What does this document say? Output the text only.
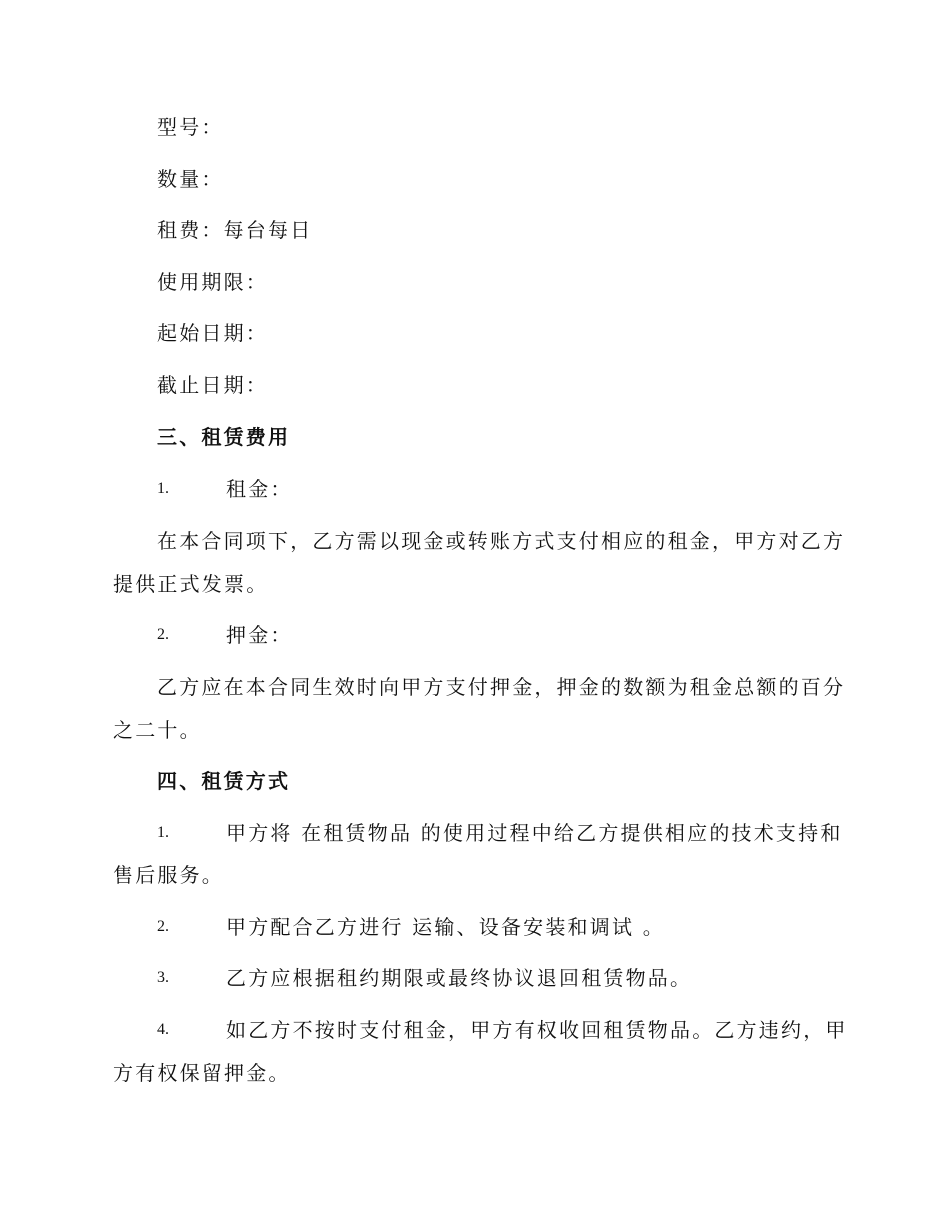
型号：
数量：
租费：每台每日
使用期限：
起始日期：
截止日期：
三、租赁费用
1.	租金：
在本合同项下，乙方需以现金或转账方式支付相应的租金，甲方对乙方
提供正式发票。
2.	押金：
乙方应在本合同生效时向甲方支付押金，押金的数额为租金总额的百分
之二十。
四、租赁方式
1.	甲方将 在租赁物品 的使用过程中给乙方提供相应的技术支持和
售后服务。
2.	甲方配合乙方进行 运输、设备安装和调试 。
3.	乙方应根据租约期限或最终协议退回租赁物品。
4.	如乙方不按时支付租金，甲方有权收回租赁物品。乙方违约，甲
方有权保留押金。
